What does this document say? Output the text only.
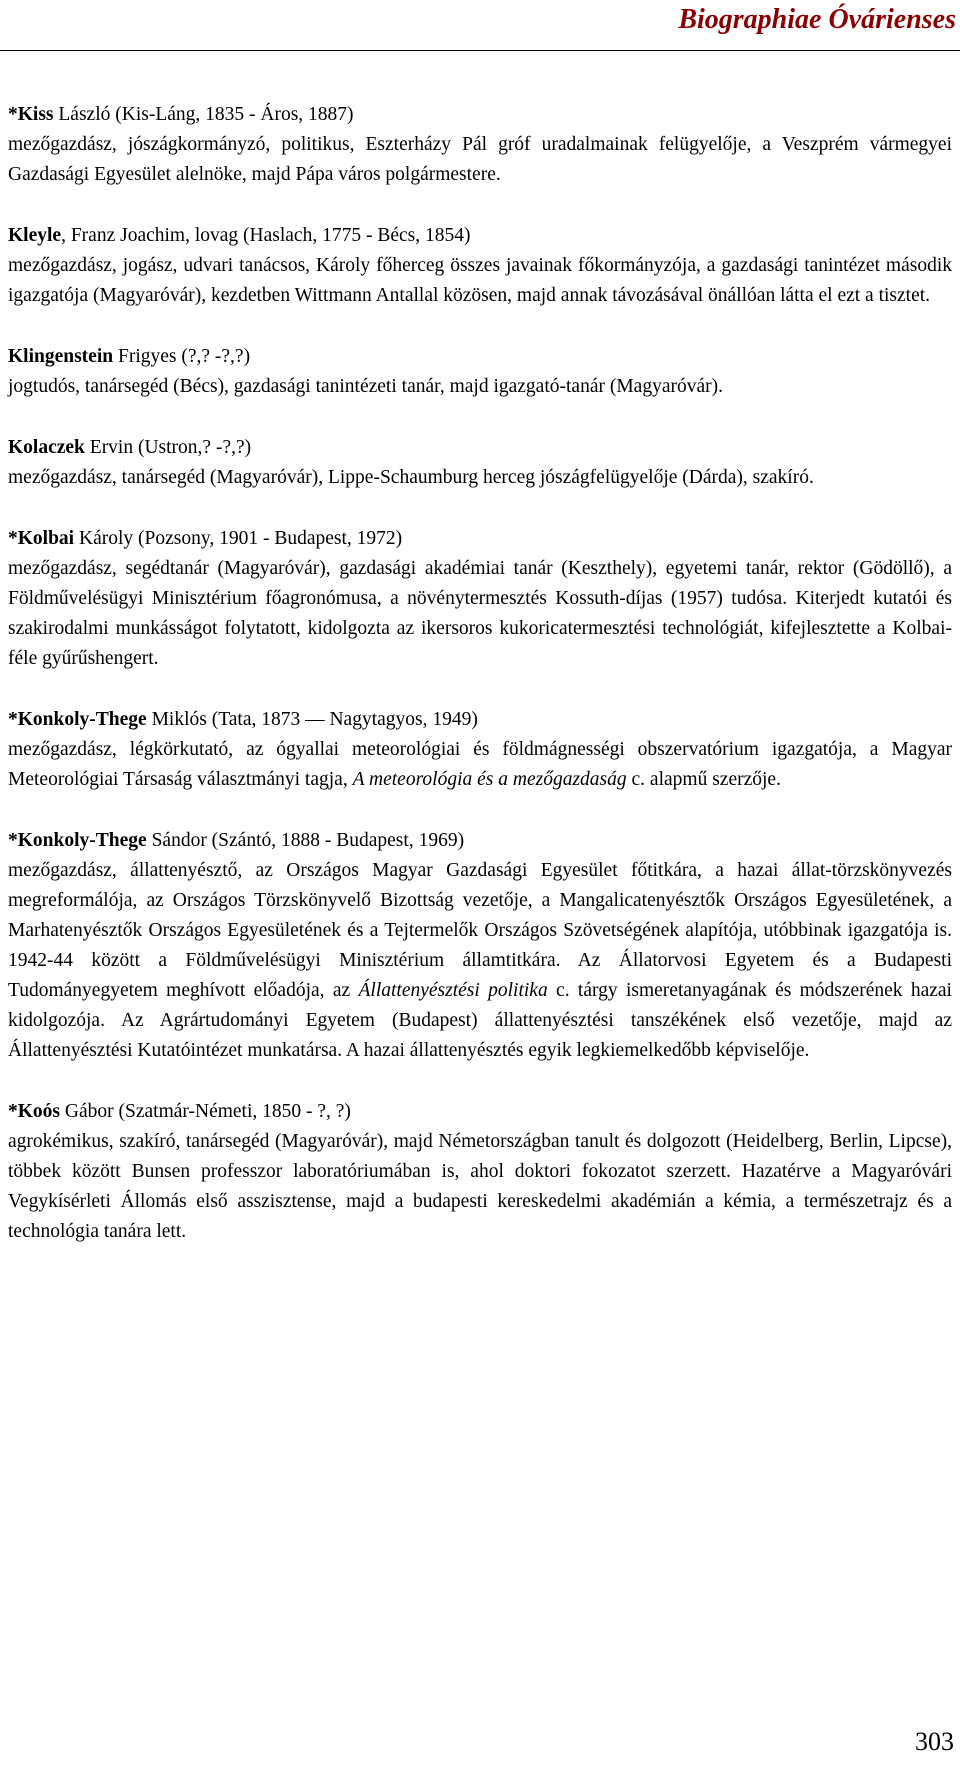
Biographiae Óvárienses

*Kiss László (Kis-Láng, 1835 - Áros, 1887)

mezőgazdász, jószágkormányzó, politikus, Eszterházy Pál gróf uradalmainak felügyelője, a Veszprém vármegyei Gazdasági Egyesület alelnöke, majd Pápa város polgármestere.

Kleyle, Franz Joachim, lovag (Haslach, 1775 - Bécs, 1854)

mezőgazdász, jogász, udvari tanácsos, Károly főherceg összes javainak főkormányzója, a gazdasági tanintézet második igazgatója (Magyaróvár), kezdetben Wittmann Antallal közösen, majd annak távozásával önállóan látta el ezt a tisztet.

Klingenstein Frigyes (?,? -?,?)

jogtudós, tanársegéd (Bécs), gazdasági tanintézeti tanár, majd igazgató-tanár (Magyaróvár).

Kolaczek Ervin (Ustron,? -?,?)

mezőgazdász, tanársegéd (Magyaróvár), Lippe-Schaumburg herceg jószágfelügyelője (Dárda), szakíró.

*Kolbai Károly (Pozsony, 1901 - Budapest, 1972)

mezőgazdász, segédtanár (Magyaróvár), gazdasági akadémiai tanár (Keszthely), egyetemi tanár, rektor (Gödöllő), a Földművelésügyi Minisztérium főagronómusa, a növénytermesztés Kossuth-díjas (1957) tudósa. Kiterjedt kutatói és szakirodalmi munkásságot folytatott, kidolgozta az ikersoros kukoricatermesztési technológiát, kifejlesztette a Kolbai-féle gyűrűshengert.

*Konkoly-Thege Miklós (Tata, 1873 — Nagytagyos, 1949)

mezőgazdász, légkörkutató, az ógyallai meteorológiai és földmágnességi obszervatórium igazgatója, a Magyar Meteorológiai Társaság választmányi tagja, A meteorológia és a mezőgazdaság c. alapmű szerzője.

*Konkoly-Thege Sándor (Szántó, 1888 - Budapest, 1969)

mezőgazdász, állattenyésztő, az Országos Magyar Gazdasági Egyesület főtitkára, a hazai állat-törzskönyvezés megreformálója, az Országos Törzskönyvelő Bizottság vezetője, a Mangalicatenyésztők Országos Egyesületének, a Marhatenyésztők Országos Egyesületének és a Tejtermelők Országos Szövetségének alapítója, utóbbinak igazgatója is. 1942-44 között a Földművelésügyi Minisztérium államtitkára. Az Állatorvosi Egyetem és a Budapesti Tudományegyetem meghívott előadója, az Állattenyésztési politika c. tárgy ismeretanyagának és módszerének hazai kidolgozója. Az Agrártudományi Egyetem (Budapest) állattenyésztési tanszékének első vezetője, majd az Állattenyésztési Kutatóintézet munkatársa. A hazai állattenyésztés egyik legkiemelkedőbb képviselője.

*Koós Gábor (Szatmár-Németi, 1850 - ?, ?)

agrokémikus, szakíró, tanársegéd (Magyaróvár), majd Németországban tanult és dolgozott (Heidelberg, Berlin, Lipcse), többek között Bunsen professzor laboratóriumában is, ahol doktori fokozatot szerzett. Hazatérve a Magyaróvári Vegykísérleti Állomás első asszisztense, majd a budapesti kereskedelmi akadémián a kémia, a természetrajz és a technológia tanára lett.

303
